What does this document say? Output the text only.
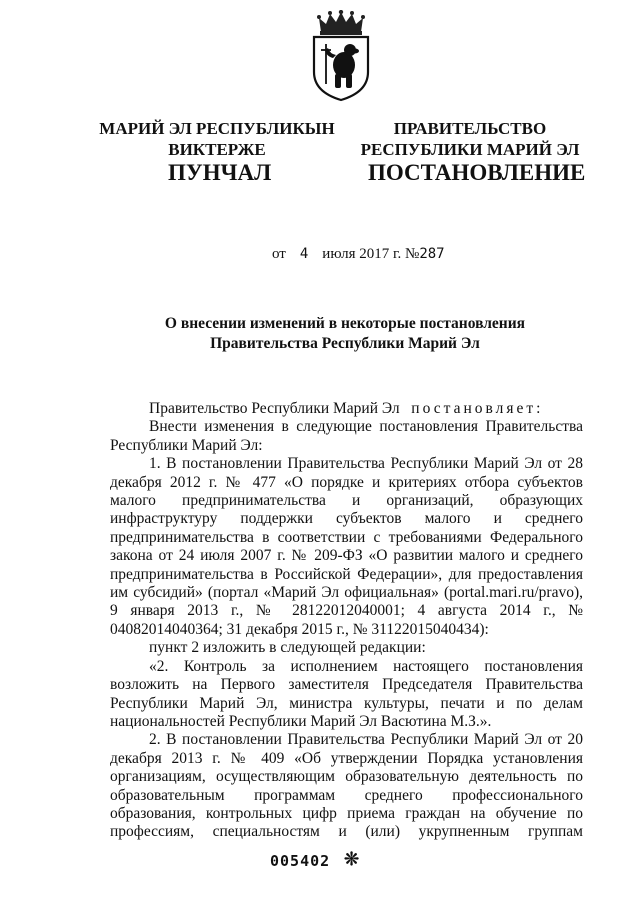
МАРИЙ ЭЛ РЕСПУБЛИКЫН
ВИКТЕРЖЕ
ПРАВИТЕЛЬСТВО
РЕСПУБЛИКИ МАРИЙ ЭЛ
ПУНЧАЛ	ПОСТАНОВЛЕНИЕ
от 4 июля 2017 г. №287
О внесении изменений в некоторые постановления
Правительства Республики Марий Эл

Правительство Республики Марий Эл постановляет:

Внести изменения в следующие постановления Правительства Республики Марий Эл:

1. В постановлении Правительства Республики Марий Эл от 28 декабря 2012 г. № 477 «О порядке и критериях отбора субъектов малого предпринимательства и организаций, образующих инфраструктуру поддержки субъектов малого и среднего предпринимательства в соответствии с требованиями Федерального закона от 24 июля 2007 г. № 209-ФЗ «О развитии малого и среднего предпринимательства в Российской Федерации», для предоставления им субсидий» (портал «Марий Эл официальная» (portal.mari.ru/pravo), 9 января 2013 г., № 28122012040001; 4 августа 2014 г., № 04082014040364; 31 декабря 2015 г., № 31122015040434):

пункт 2 изложить в следующей редакции:

«2. Контроль за исполнением настоящего постановления возложить на Первого заместителя Председателя Правительства Республики Марий Эл, министра культуры, печати и по делам национальностей Республики Марий Эл Васютина М.З.».

2. В постановлении Правительства Республики Марий Эл от 20 декабря 2013 г. № 409 «Об утверждении Порядка установления организациям, осуществляющим образовательную деятельность по образовательным программам среднего профессионального образования, контрольных цифр приема граждан на обучение по профессиям, специальностям и (или) укрупненным группам

005402 ❊
